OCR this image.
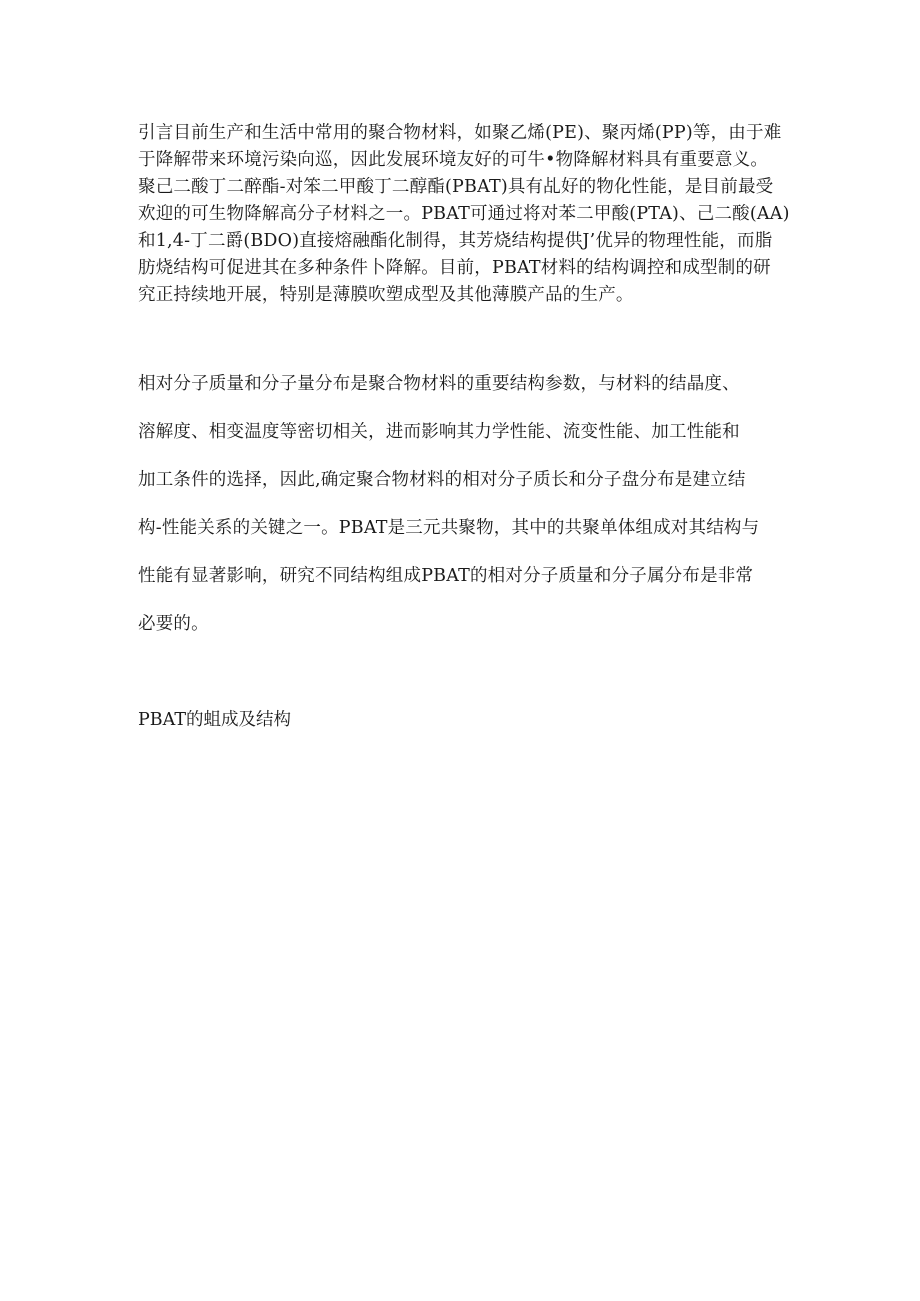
引言目前生产和生活中常用的聚合物材料，如聚乙烯(PE)、聚丙烯(PP)等，由于难
于降解带来环境污染向巡，因此发展环境友好的可牛•物降解材料具有重要意义。
聚己二酸丁二醉酯-对笨二甲酸丁二醇酯(PBAT)具有乩好的物化性能，是目前最受
欢迎的可生物降解高分子材料之一。PBAT可通过将对苯二甲酸(PTA)、己二酸(AA)
和1,4-丁二爵(BDO)直接熔融酯化制得，其芳烧结构提供J’优异的物理性能，而脂
肪烧结构可促进其在多种条件卜降解。目前，PBAT材料的结构调控和成型制的研
究正持续地开展，特别是薄膜吹塑成型及其他薄膜产品的生产。

相对分子质量和分子量分布是聚合物材料的重要结构参数，与材料的结晶度、
溶解度、相变温度等密切相关，进而影响其力学性能、流变性能、加工性能和
加工条件的选择，因此,确定聚合物材料的相对分子质长和分子盘分布是建立结
构-性能关系的关键之一。PBAT是三元共聚物，其中的共聚单体组成对其结构与
性能有显著影响，研究不同结构组成PBAT的相对分子质量和分子属分布是非常
必要的。

PBAT的蛆成及结构
